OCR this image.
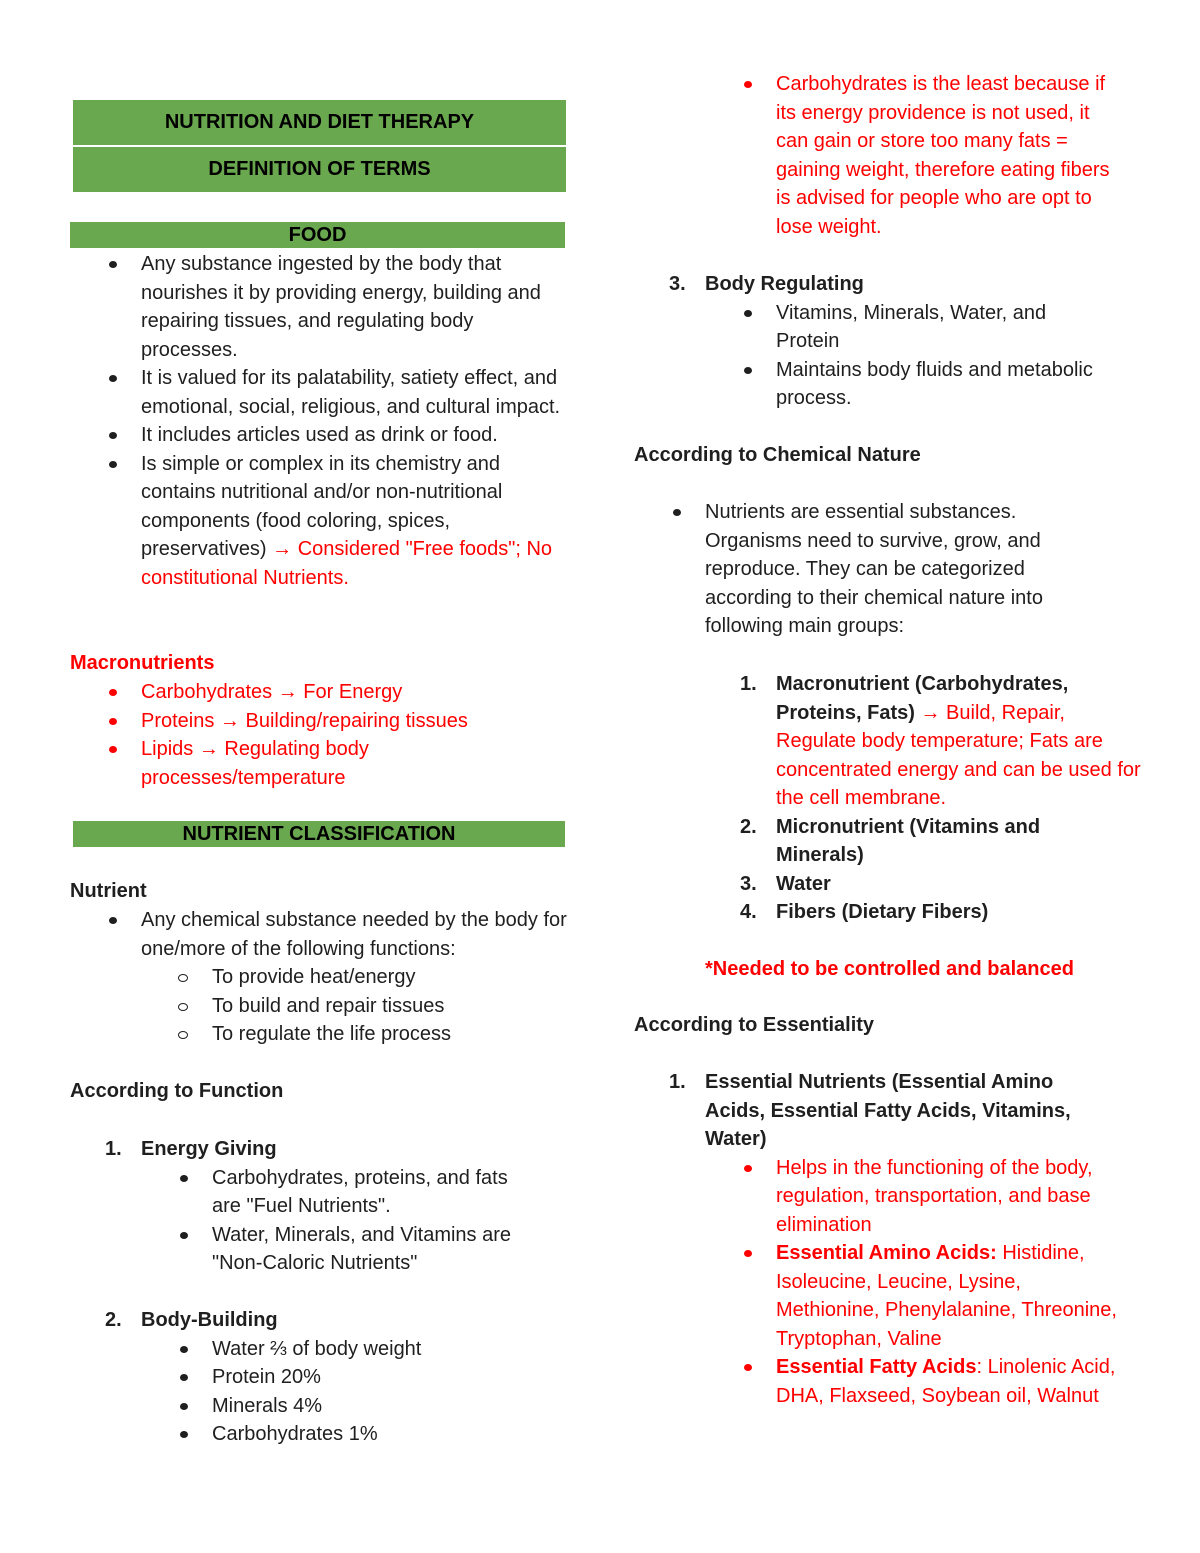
NUTRITION AND DIET THERAPY
DEFINITION OF TERMS
FOOD
Any substance ingested by the body that nourishes it by providing energy, building and repairing tissues, and regulating body processes.
It is valued for its palatability, satiety effect, and emotional, social, religious, and cultural impact.
It includes articles used as drink or food.
Is simple or complex in its chemistry and contains nutritional and/or non-nutritional components (food coloring, spices, preservatives) → Considered "Free foods"; No constitutional Nutrients.

Macronutrients

Carbohydrates → For Energy
Proteins → Building/repairing tissues
Lipids → Regulating body processes/temperature
NUTRIENT CLASSIFICATION

Nutrient

Any chemical substance needed by the body for one/more of the following functions:
To provide heat/energy
To build and repair tissues
To regulate the life process

According to Function

1. Energy Giving
Carbohydrates, proteins, and fats are "Fuel Nutrients".
Water, Minerals, and Vitamins are "Non-Caloric Nutrients"
2. Body-Building
Water ⅔ of body weight
Protein 20%
Minerals 4%
Carbohydrates 1%
Carbohydrates is the least because if its energy providence is not used, it can gain or store too many fats = gaining weight, therefore eating fibers is advised for people who are opt to lose weight.
3. Body Regulating
Vitamins, Minerals, Water, and Protein
Maintains body fluids and metabolic process.

According to Chemical Nature

Nutrients are essential substances. Organisms need to survive, grow, and reproduce. They can be categorized according to their chemical nature into following main groups:
1. Macronutrient (Carbohydrates, Proteins, Fats) → Build, Repair, Regulate body temperature; Fats are concentrated energy and can be used for the cell membrane.
2. Micronutrient (Vitamins and Minerals)
3. Water
4. Fibers (Dietary Fibers)

*Needed to be controlled and balanced

According to Essentiality

1. Essential Nutrients (Essential Amino Acids, Essential Fatty Acids, Vitamins, Water)
Helps in the functioning of the body, regulation, transportation, and base elimination
Essential Amino Acids: Histidine, Isoleucine, Leucine, Lysine, Methionine, Phenylalanine, Threonine, Tryptophan, Valine
Essential Fatty Acids: Linolenic Acid, DHA, Flaxseed, Soybean oil, Walnut
